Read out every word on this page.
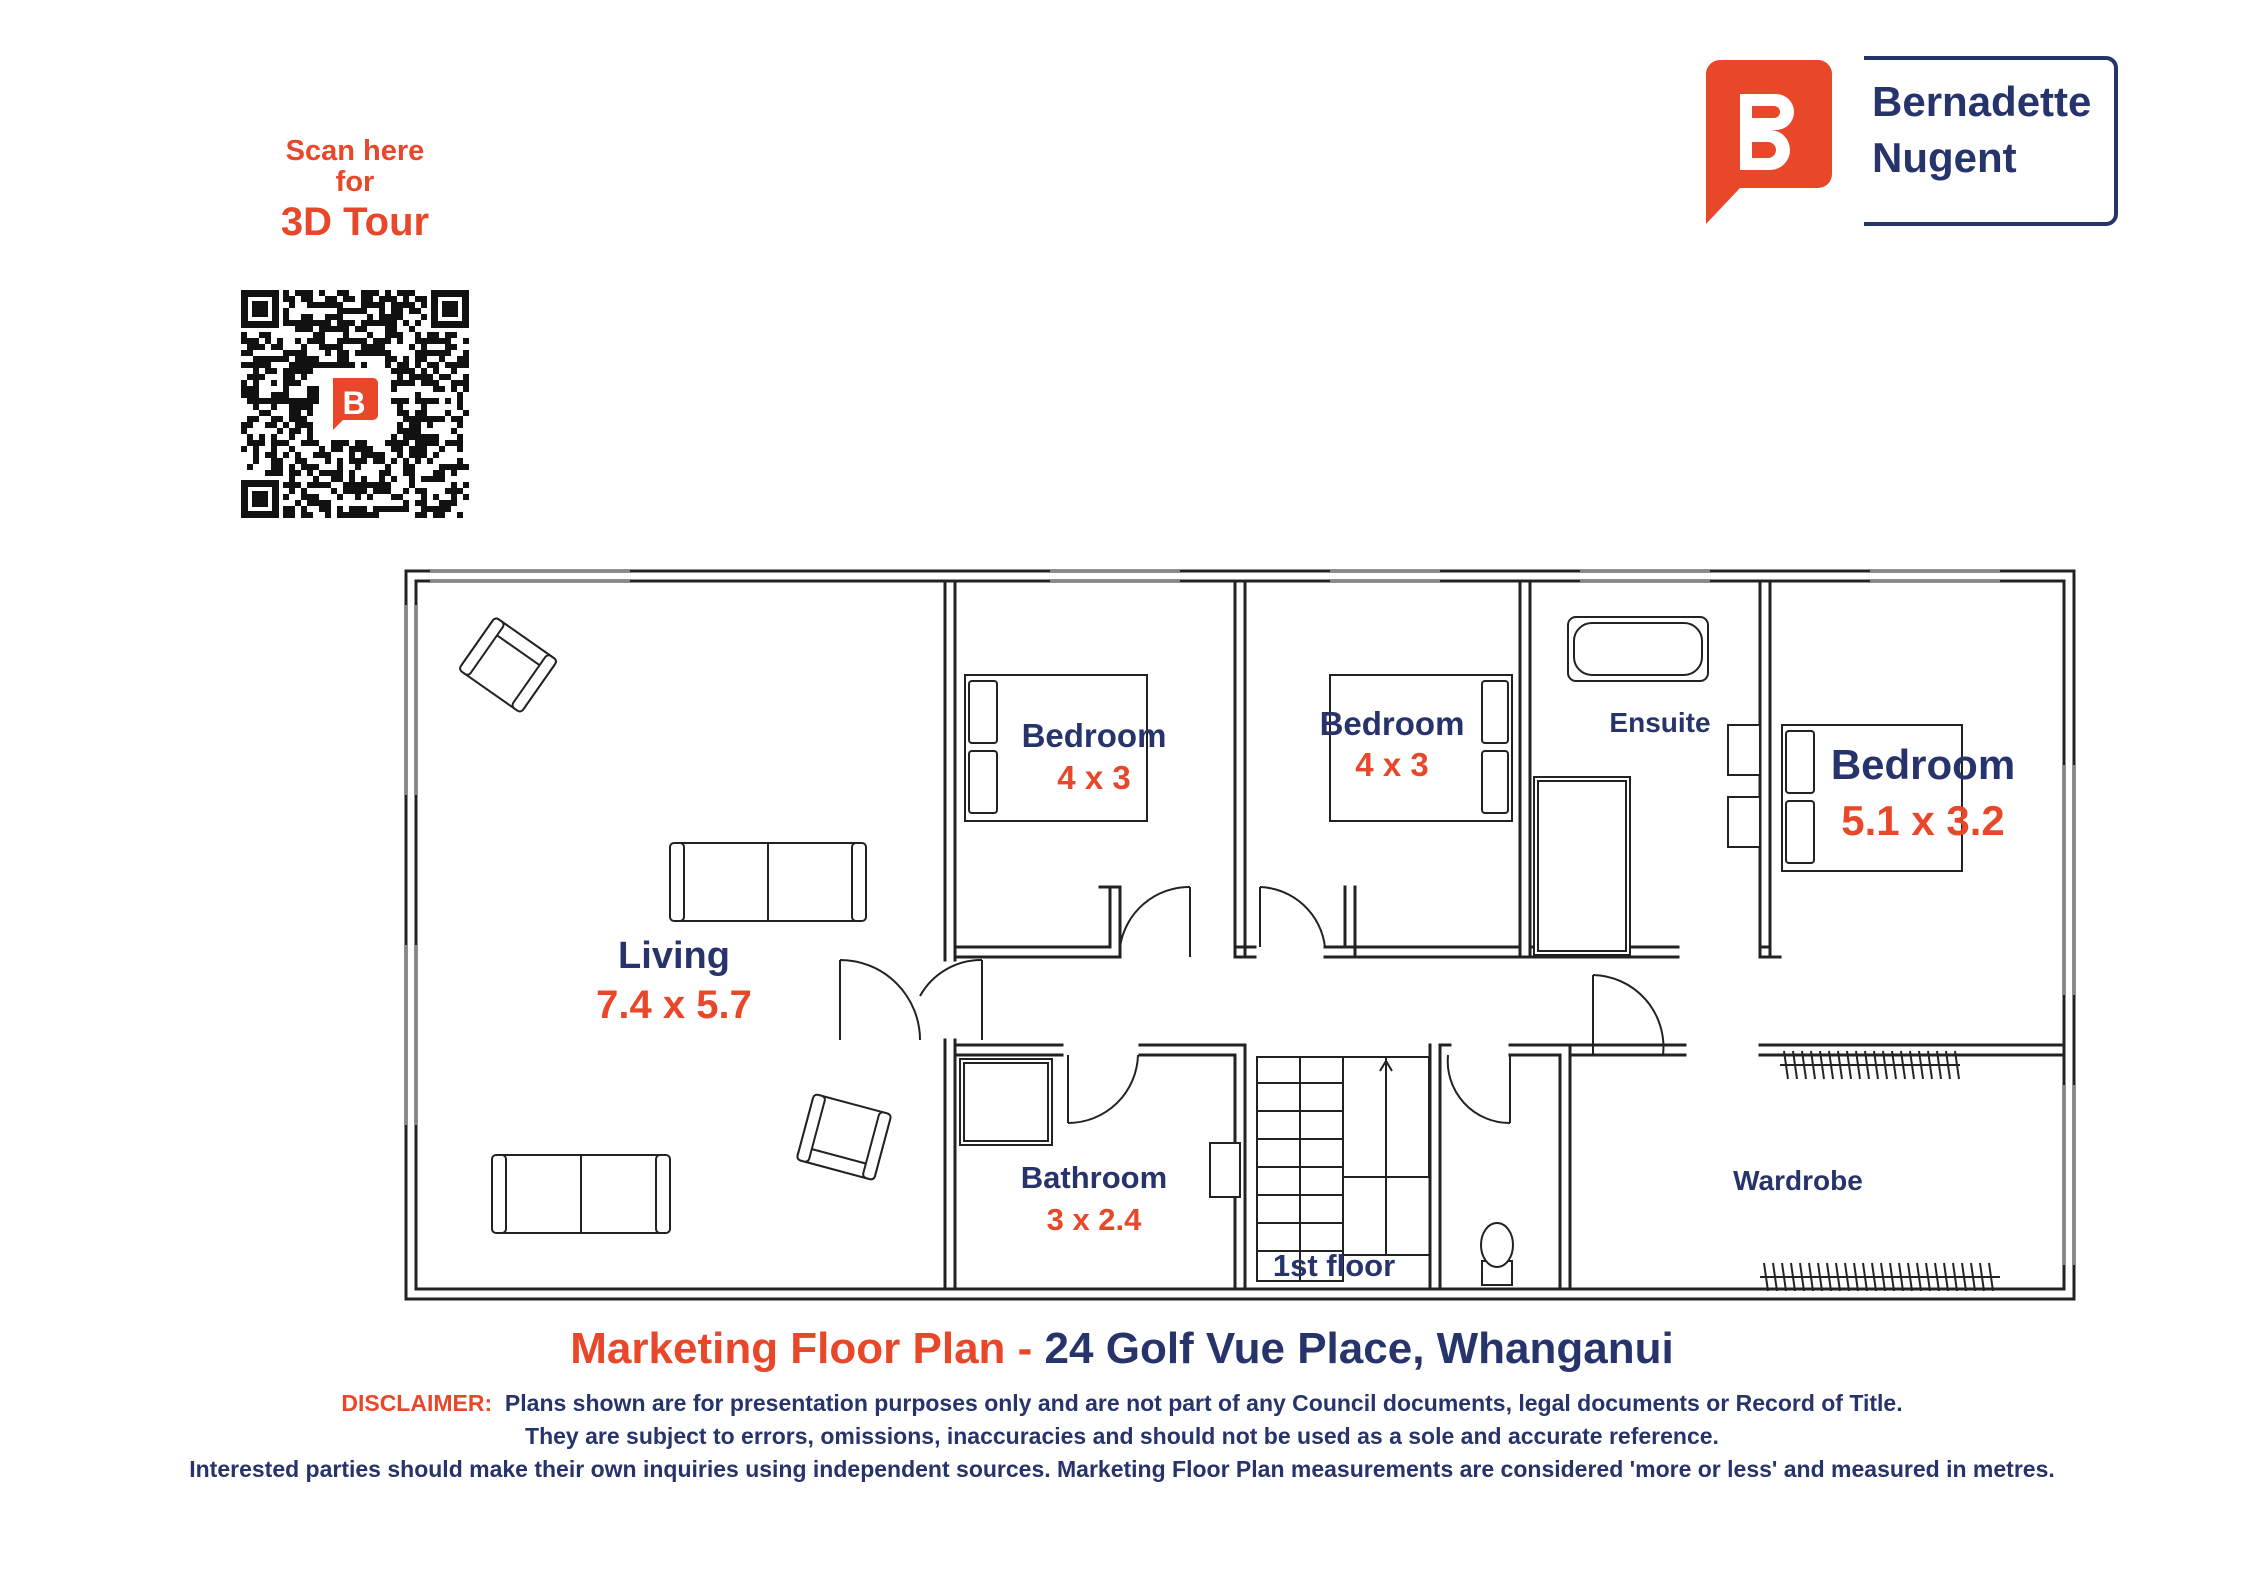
Scan here
for
3D Tour
B
Bernadette
Nugent
Living
7.4 x 5.7
Bedroom
4 x 3
Bedroom
4 x 3
Ensuite
Bedroom
5.1 x 3.2
Bathroom
3 x 2.4
1st floor
Wardrobe
Marketing Floor Plan - 24 Golf Vue Place, Whanganui
DISCLAIMER: Plans shown are for presentation purposes only and are not part of any Council documents, legal documents or Record of Title.
They are subject to errors, omissions, inaccuracies and should not be used as a sole and accurate reference.
Interested parties should make their own inquiries using independent sources. Marketing Floor Plan measurements are considered 'more or less' and measured in metres.
